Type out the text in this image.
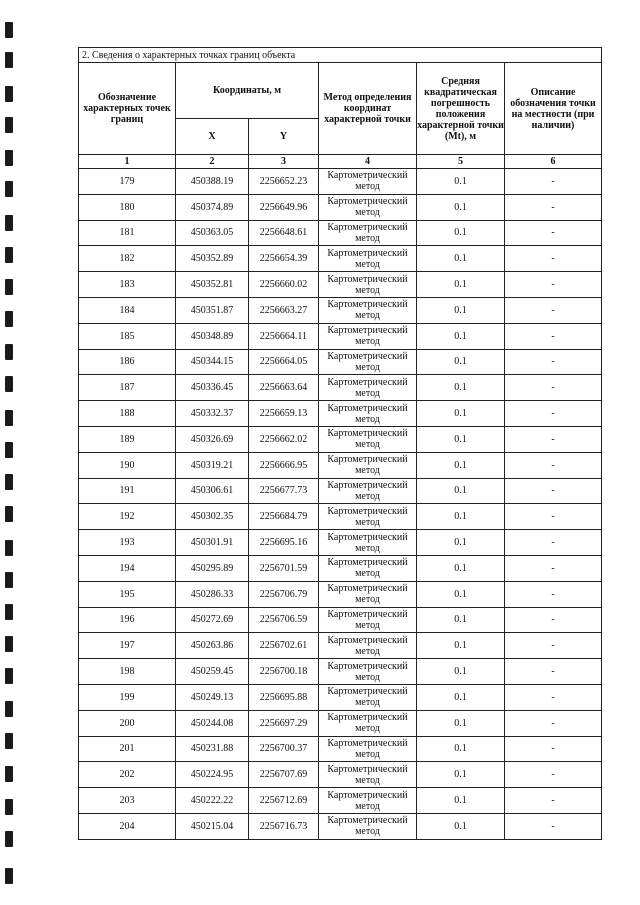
2. Сведения о характерных точках границ объекта					
Обозначение характерных точек границ	Координаты, м		Метод определения координат характерной точки	Средняя квадратическая погрешность положения характерной точки (Mt), м	Описание обозначения точки на местности (при наличии)
	X	Y			
1	2	3	4	5	6
179	450388.19	2256652.23	Картометрический метод	0.1	-
180	450374.89	2256649.96	Картометрический метод	0.1	-
181	450363.05	2256648.61	Картометрический метод	0.1	-
182	450352.89	2256654.39	Картометрический метод	0.1	-
183	450352.81	2256660.02	Картометрический метод	0.1	-
184	450351.87	2256663.27	Картометрический метод	0.1	-
185	450348.89	2256664.11	Картометрический метод	0.1	-
186	450344.15	2256664.05	Картометрический метод	0.1	-
187	450336.45	2256663.64	Картометрический метод	0.1	-
188	450332.37	2256659.13	Картометрический метод	0.1	-
189	450326.69	2256662.02	Картометрический метод	0.1	-
190	450319.21	2256666.95	Картометрический метод	0.1	-
191	450306.61	2256677.73	Картометрический метод	0.1	-
192	450302.35	2256684.79	Картометрический метод	0.1	-
193	450301.91	2256695.16	Картометрический метод	0.1	-
194	450295.89	2256701.59	Картометрический метод	0.1	-
195	450286.33	2256706.79	Картометрический метод	0.1	-
196	450272.69	2256706.59	Картометрический метод	0.1	-
197	450263.86	2256702.61	Картометрический метод	0.1	-
198	450259.45	2256700.18	Картометрический метод	0.1	-
199	450249.13	2256695.88	Картометрический метод	0.1	-
200	450244.08	2256697.29	Картометрический метод	0.1	-
201	450231.88	2256700.37	Картометрический метод	0.1	-
202	450224.95	2256707.69	Картометрический метод	0.1	-
203	450222.22	2256712.69	Картометрический метод	0.1	-
204	450215.04	2256716.73	Картометрический метод	0.1	-
